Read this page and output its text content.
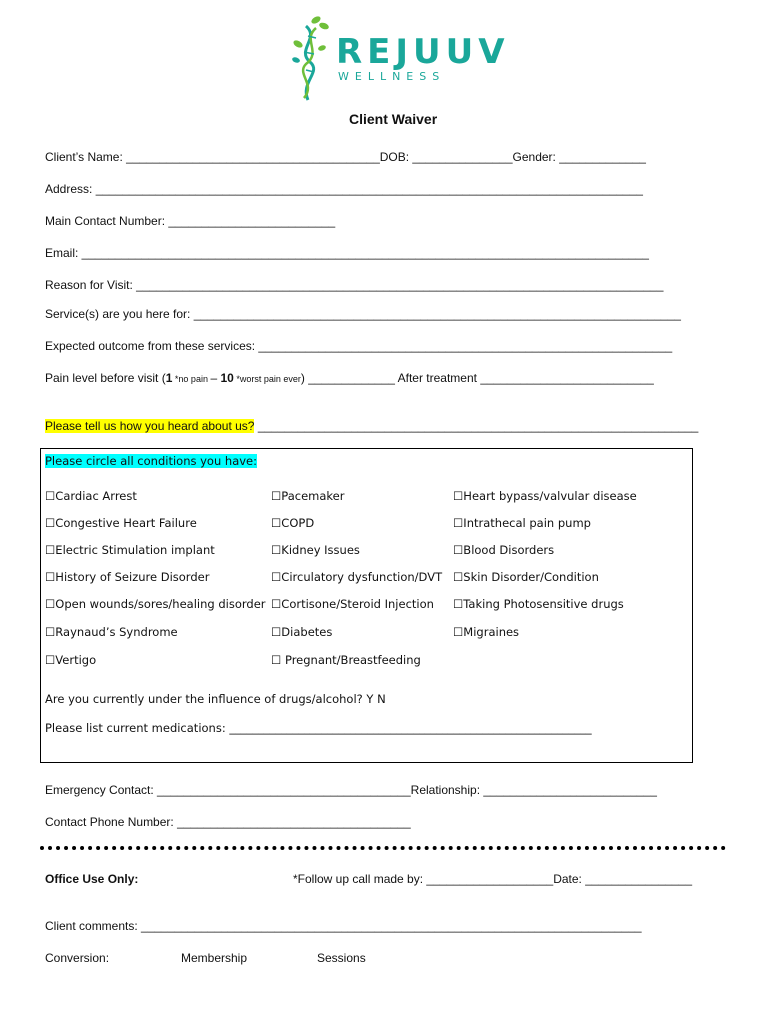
REJUUV
WELLNESS
Client Waiver
Client’s Name: ______________________________________DOB: _______________Gender: _____________
Address: __________________________________________________________________________________
Main Contact Number: _________________________
Email: _____________________________________________________________________________________
Reason for Visit: _______________________________________________________________________________
Service(s) are you here for: _________________________________________________________________________
Expected outcome from these services: ______________________________________________________________
Pain level before visit (1 *no pain – 10 *worst pain ever) _____________ After treatment __________________________
Please tell us how you heard about us? __________________________________________________________________
Please circle all conditions you have:
☐Cardiac Arrest
☐Congestive Heart Failure
☐Electric Stimulation implant
☐History of Seizure Disorder
☐Open wounds/sores/healing disorder
☐Raynaud’s Syndrome
☐Vertigo
☐Pacemaker
☐COPD
☐Kidney Issues
☐Circulatory dysfunction/DVT
☐Cortisone/Steroid Injection
☐Diabetes
☐ Pregnant/Breastfeeding
☐Heart bypass/valvular disease
☐Intrathecal pain pump
☐Blood Disorders
☐Skin Disorder/Condition
☐Taking Photosensitive drugs
☐Migraines
Are you currently under the influence of drugs/alcohol? Y N
Please list current medications: _______________________________________________________________
Emergency Contact: ______________________________________Relationship: __________________________
Contact Phone Number: ___________________________________
Office Use Only:	*Follow up call made by: ___________________Date: ________________
Client comments: ___________________________________________________________________________
Conversion:	Membership	Sessions
